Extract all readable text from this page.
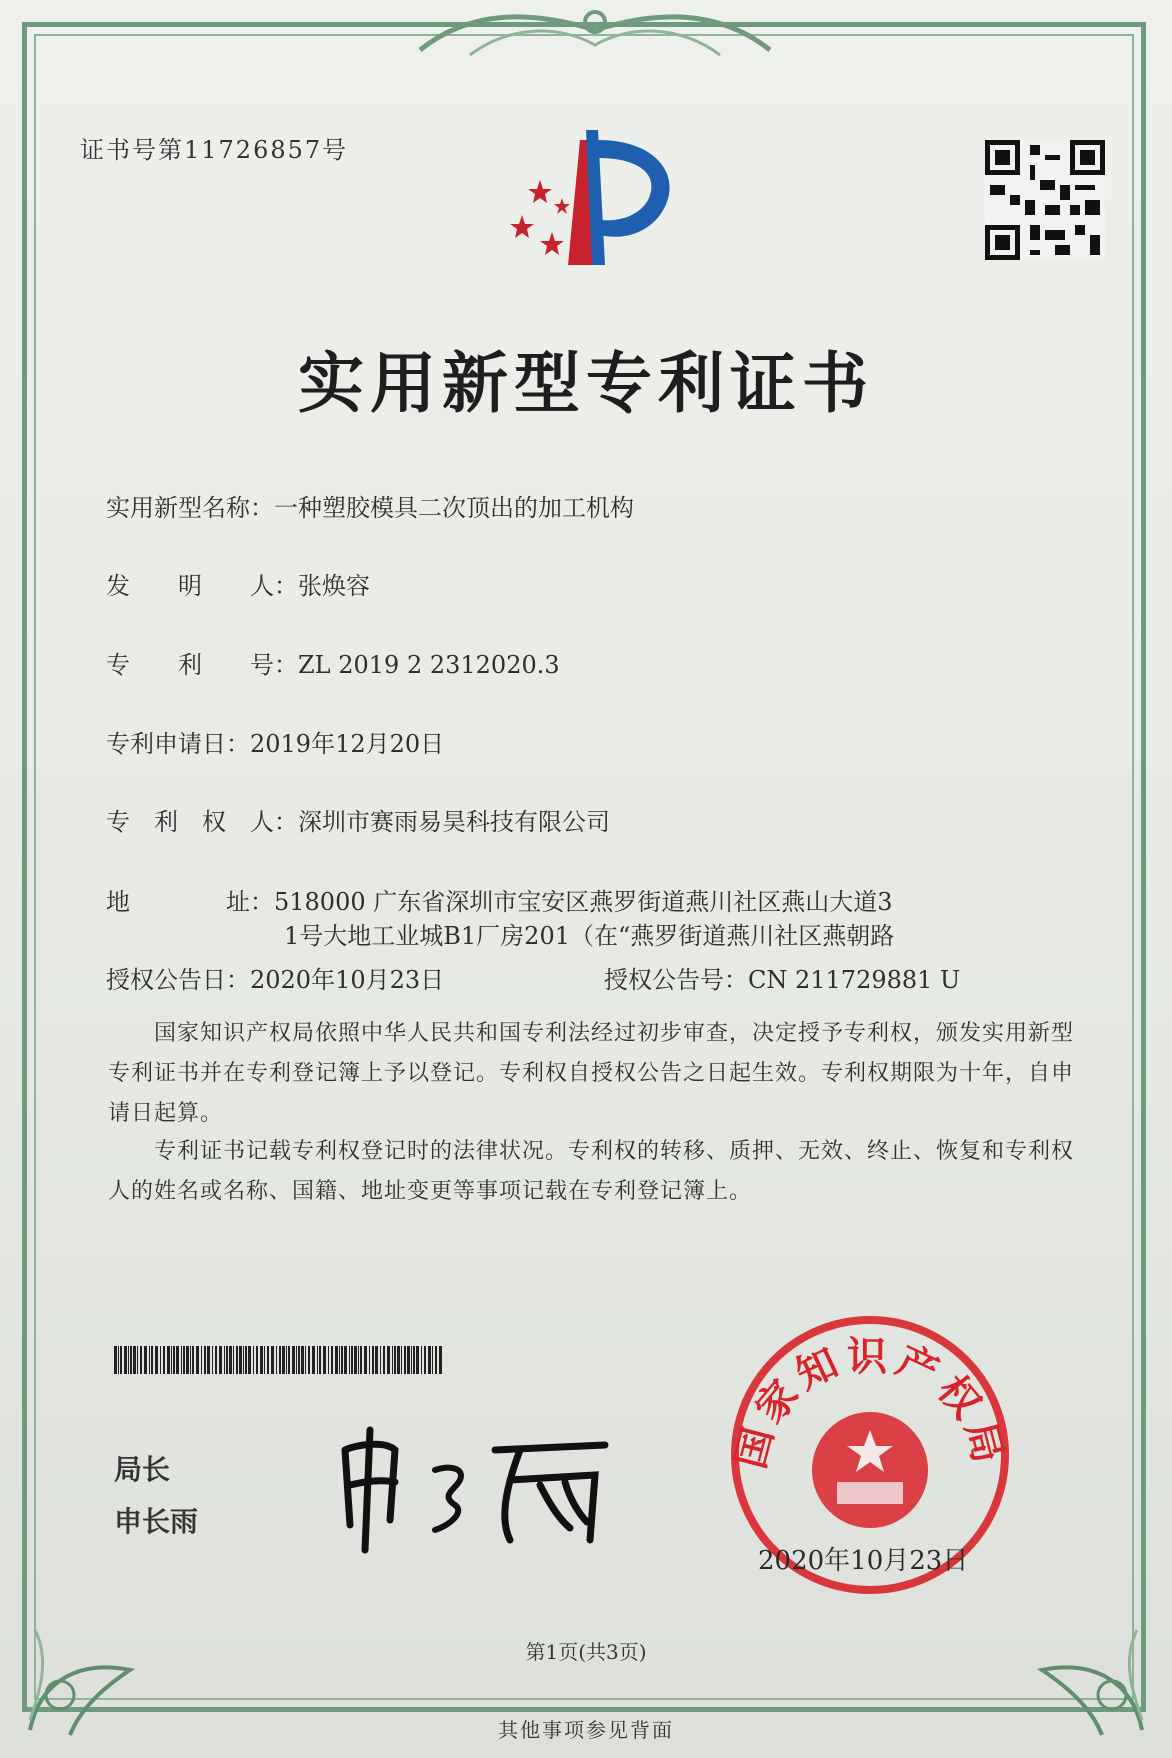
证书号第11726857号
实用新型专利证书
实用新型名称：一种塑胶模具二次顶出的加工机构
发　　明　　人：张焕容
专　　利　　号：ZL 2019 2 2312020.3
专利申请日：2019年12月20日
专　利　权　人：深圳市赛雨易昊科技有限公司
地　　　　址：518000 广东省深圳市宝安区燕罗街道燕川社区燕山大道3
1号大地工业城B1厂房201（在“燕罗街道燕川社区燕朝路
授权公告日：2020年10月23日	授权公告号：CN 211729881 U
　　国家知识产权局依照中华人民共和国专利法经过初步审查，决定授予专利权，颁发实用新型专利证书并在专利登记簿上予以登记。专利权自授权公告之日起生效。专利权期限为十年，自申请日起算。
　　专利证书记载专利权登记时的法律状况。专利权的转移、质押、无效、终止、恢复和专利权人的姓名或名称、国籍、地址变更等事项记载在专利登记簿上。
局长
申长雨
国家知识产权局
2020年10月23日
第1页(共3页)
其他事项参见背面
